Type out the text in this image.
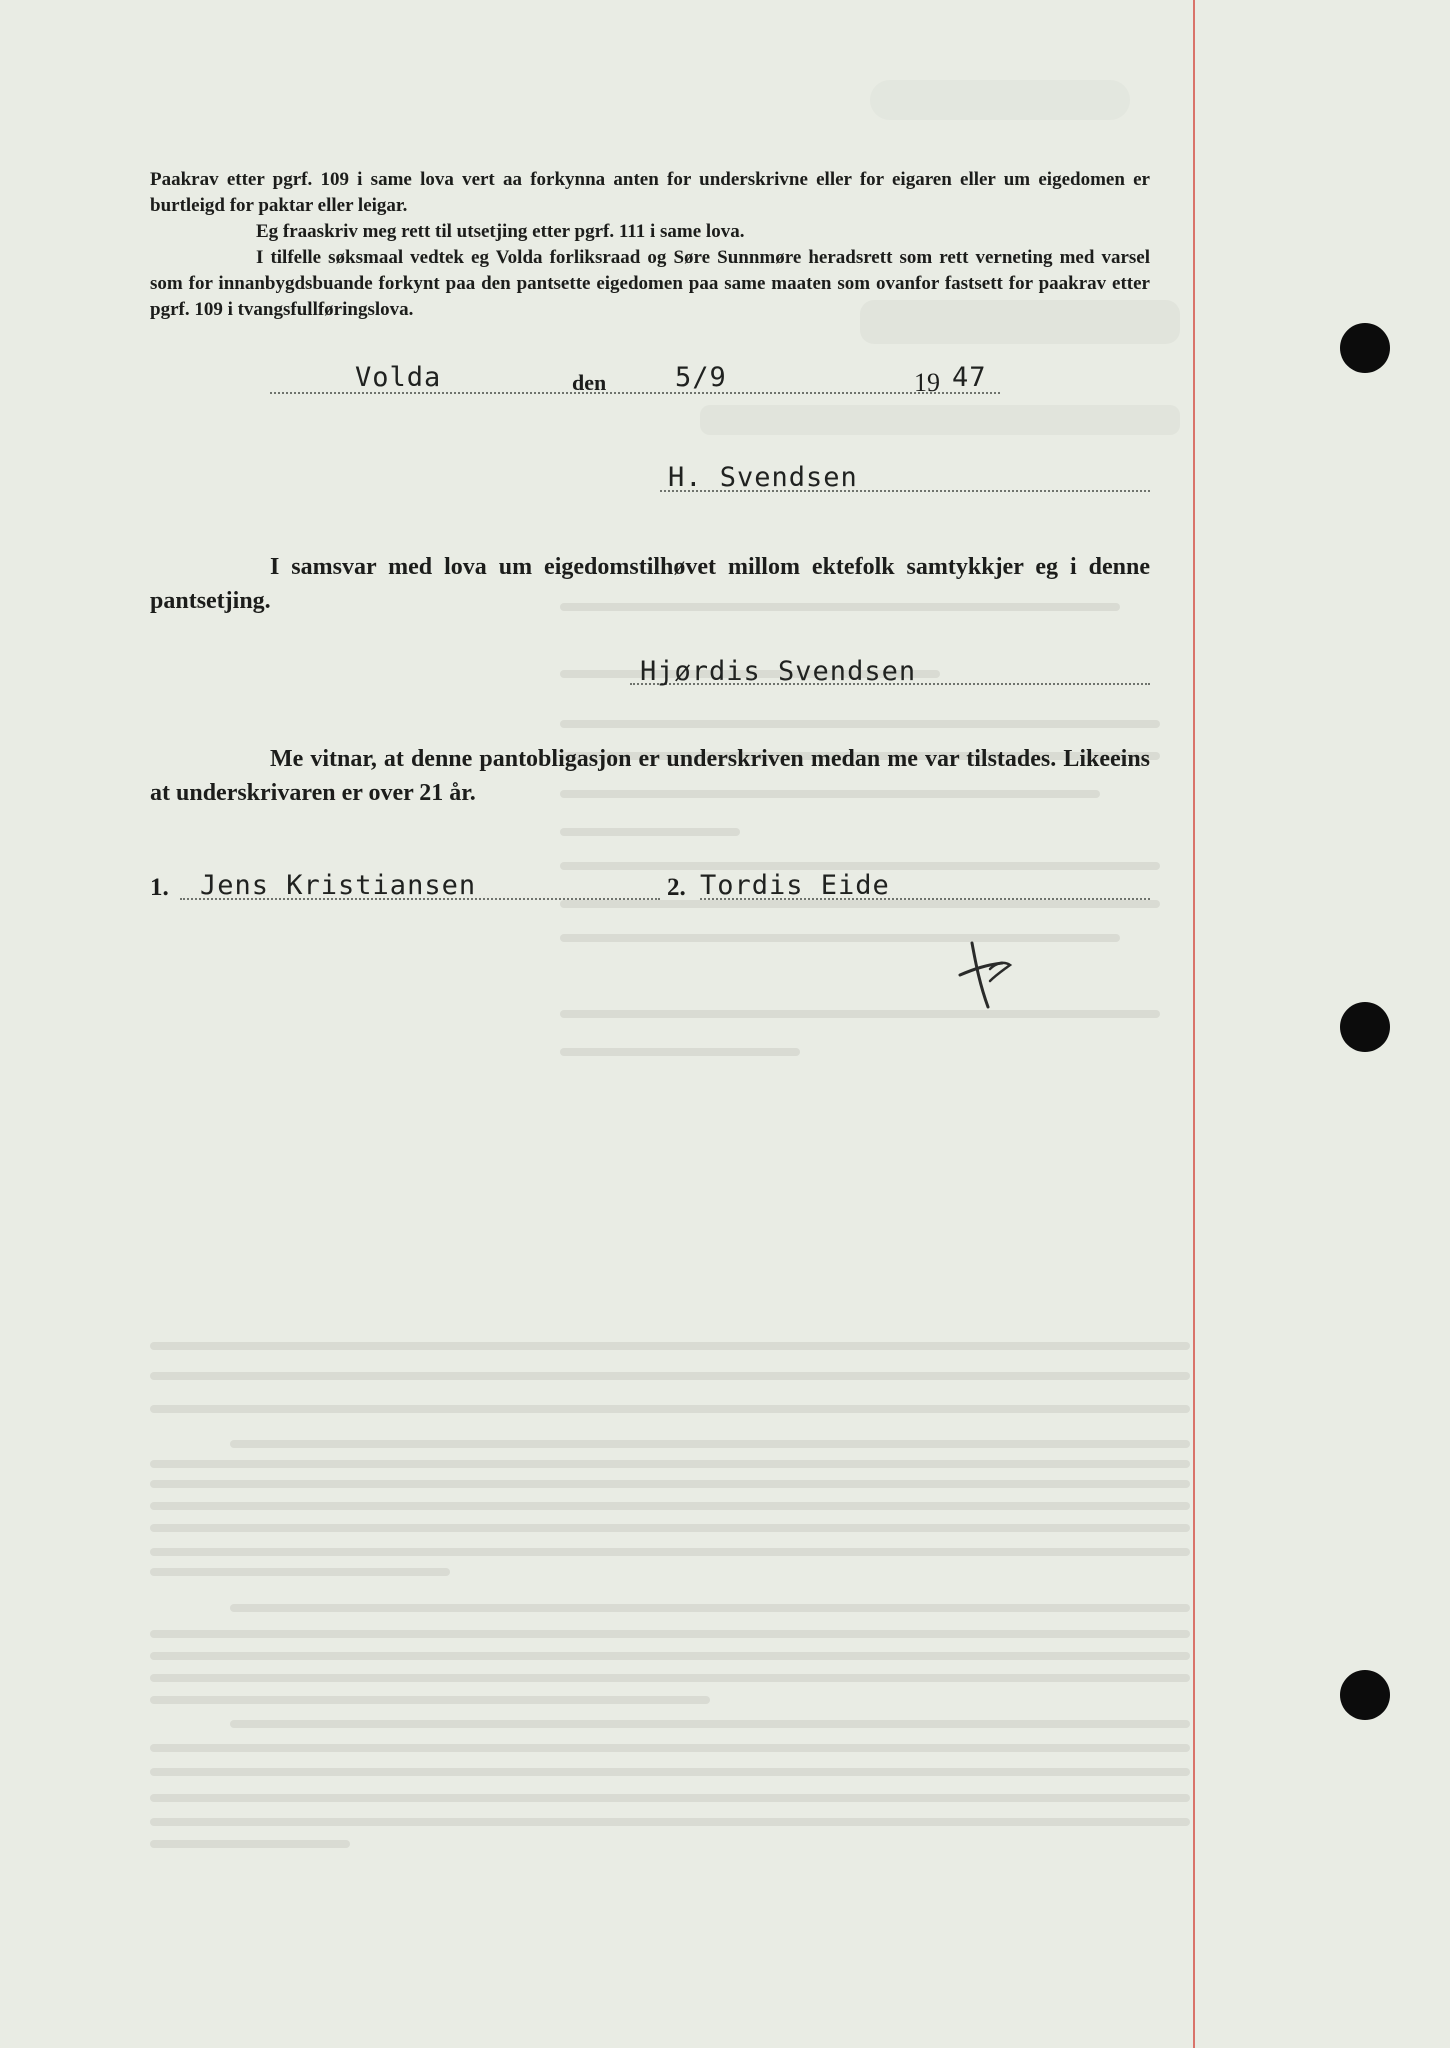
Paakrav etter pgrf. 109 i same lova vert aa forkynna anten for underskrivne eller for eigaren eller um eigedomen er burtleigd for paktar eller leigar.

Eg fraaskriv meg rett til utsetjing etter pgrf. 111 i same lova.

I tilfelle søksmaal vedtek eg Volda forliksraad og Søre Sunnmøre heradsrett som rett verneting med varsel som for innanbygdsbuande forkynt paa den pantsette eigedomen paa same maaten som ovanfor fastsett for paakrav etter pgrf. 109 i tvangsfullføringslova.

Volda	den	5/9	19 47
H. Svendsen

I samsvar med lova um eigedomstilhøvet millom ektefolk samtykkjer eg i denne pantsetjing.

Hjørdis Svendsen

Me vitnar, at denne pantobligasjon er underskriven medan me var tilstades. Likeeins at underskrivaren er over 21 år.

1. Jens Kristiansen	2. Tordis Eide
